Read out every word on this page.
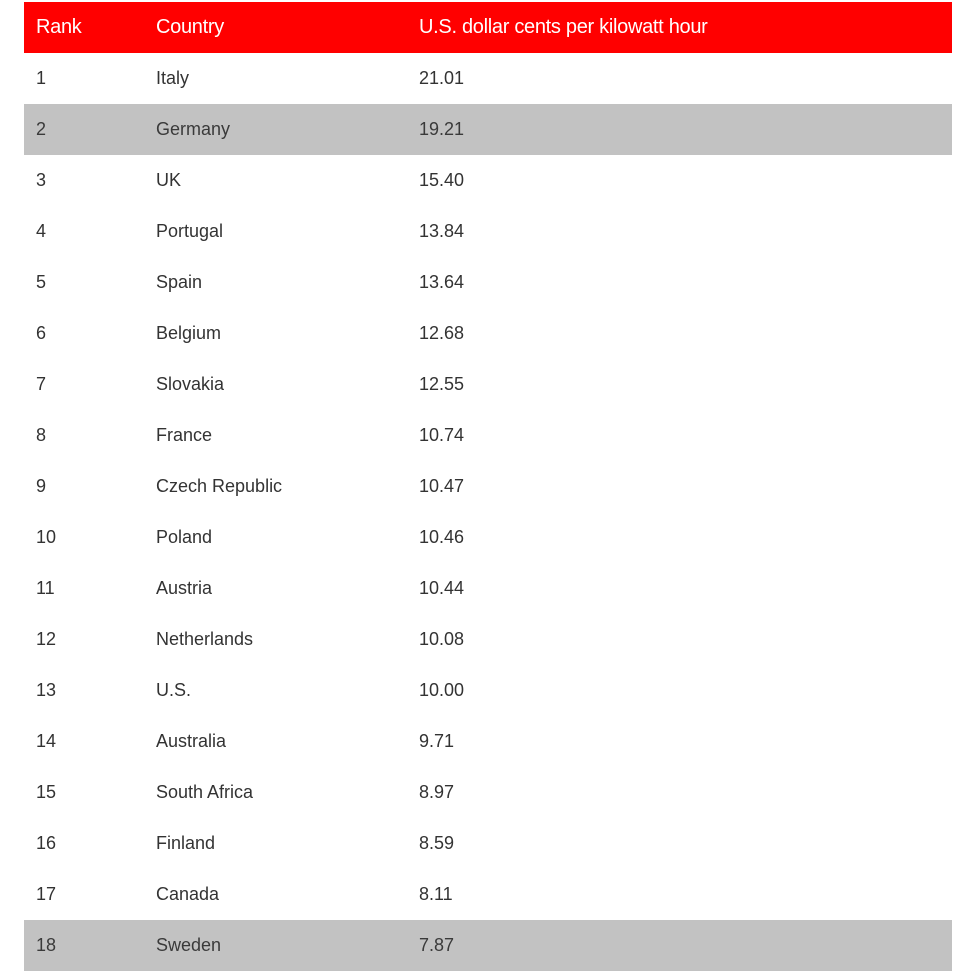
Rank	Country	U.S. dollar cents per kilowatt hour
1	Italy	21.01
2	Germany	19.21
3	UK	15.40
4	Portugal	13.84
5	Spain	13.64
6	Belgium	12.68
7	Slovakia	12.55
8	France	10.74
9	Czech Republic	10.47
10	Poland	10.46
11	Austria	10.44
12	Netherlands	10.08
13	U.S.	10.00
14	Australia	9.71
15	South Africa	8.97
16	Finland	8.59
17	Canada	8.11
18	Sweden	7.87
